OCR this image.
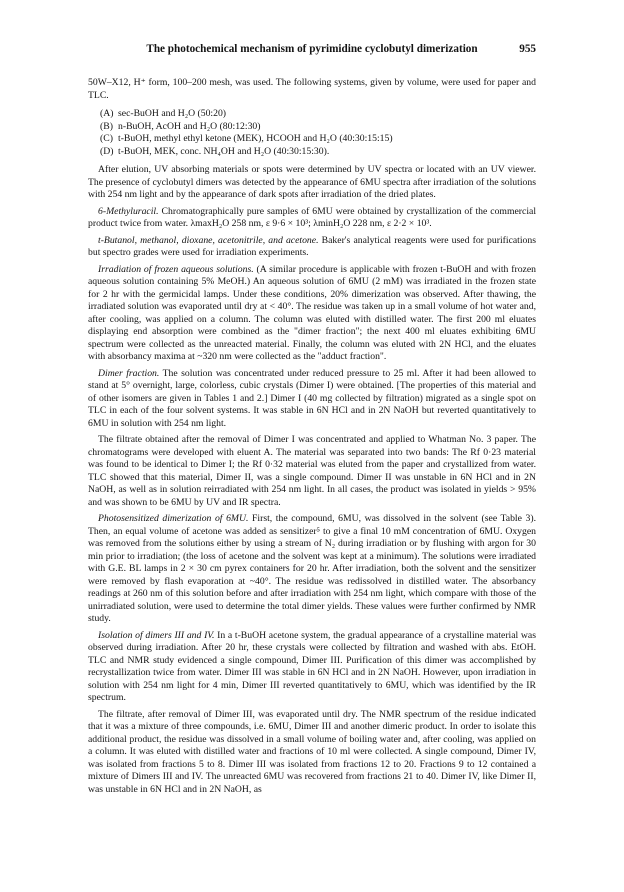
The photochemical mechanism of pyrimidine cyclobutyl dimerization	955

50W–X12, H⁺ form, 100–200 mesh, was used. The following systems, given by volume, were used for paper and TLC.

(A) sec-BuOH and H₂O (50:20)
(B) n-BuOH, AcOH and H₂O (80:12:30)
(C) t-BuOH, methyl ethyl ketone (MEK), HCOOH and H₂O (40:30:15:15)
(D) t-BuOH, MEK, conc. NH₄OH and H₂O (40:30:15:30).

After elution, UV absorbing materials or spots were determined by UV spectra or located with an UV viewer. The presence of cyclobutyl dimers was detected by the appearance of 6MU spectra after irradiation of the solutions with 254 nm light and by the appearance of dark spots after irradiation of the dried plates.

6-Methyluracil. Chromatographically pure samples of 6MU were obtained by crystallization of the commercial product twice from water. λmaxH₂O 258 nm, ε 9·6 × 10³; λminH₂O 228 nm, ε 2·2 × 10³.

t-Butanol, methanol, dioxane, acetonitrile, and acetone. Baker's analytical reagents were used for purifications but spectro grades were used for irradiation experiments.

Irradiation of frozen aqueous solutions. (A similar procedure is applicable with frozen t-BuOH and with frozen aqueous solution containing 5% MeOH.) An aqueous solution of 6MU (2 mM) was irradiated in the frozen state for 2 hr with the germicidal lamps. Under these conditions, 20% dimerization was observed. After thawing, the irradiated solution was evaporated until dry at < 40°. The residue was taken up in a small volume of hot water and, after cooling, was applied on a column. The column was eluted with distilled water. The first 200 ml eluates displaying end absorption were combined as the "dimer fraction"; the next 400 ml eluates exhibiting 6MU spectrum were collected as the unreacted material. Finally, the column was eluted with 2N HCl, and the eluates with absorbancy maxima at ~320 nm were collected as the "adduct fraction".

Dimer fraction. The solution was concentrated under reduced pressure to 25 ml. After it had been allowed to stand at 5° overnight, large, colorless, cubic crystals (Dimer I) were obtained. [The properties of this material and of other isomers are given in Tables 1 and 2.] Dimer I (40 mg collected by filtration) migrated as a single spot on TLC in each of the four solvent systems. It was stable in 6N HCl and in 2N NaOH but reverted quantitatively to 6MU in solution with 254 nm light.

The filtrate obtained after the removal of Dimer I was concentrated and applied to Whatman No. 3 paper. The chromatograms were developed with eluent A. The material was separated into two bands: The Rf 0·23 material was found to be identical to Dimer I; the Rf 0·32 material was eluted from the paper and crystallized from water. TLC showed that this material, Dimer II, was a single compound. Dimer II was unstable in 6N HCl and in 2N NaOH, as well as in solution reirradiated with 254 nm light. In all cases, the product was isolated in yields > 95% and was shown to be 6MU by UV and IR spectra.

Photosensitized dimerization of 6MU. First, the compound, 6MU, was dissolved in the solvent (see Table 3). Then, an equal volume of acetone was added as sensitizer⁵ to give a final 10 mM concentration of 6MU. Oxygen was removed from the solutions either by using a stream of N₂ during irradiation or by flushing with argon for 30 min prior to irradiation; (the loss of acetone and the solvent was kept at a minimum). The solutions were irradiated with G.E. BL lamps in 2 × 30 cm pyrex containers for 20 hr. After irradiation, both the solvent and the sensitizer were removed by flash evaporation at ~40°. The residue was redissolved in distilled water. The absorbancy readings at 260 nm of this solution before and after irradiation with 254 nm light, which compare with those of the unirradiated solution, were used to determine the total dimer yields. These values were further confirmed by NMR study.

Isolation of dimers III and IV. In a t-BuOH acetone system, the gradual appearance of a crystalline material was observed during irradiation. After 20 hr, these crystals were collected by filtration and washed with abs. EtOH. TLC and NMR study evidenced a single compound, Dimer III. Purification of this dimer was accomplished by recrystallization twice from water. Dimer III was stable in 6N HCl and in 2N NaOH. However, upon irradiation in solution with 254 nm light for 4 min, Dimer III reverted quantitatively to 6MU, which was identified by the IR spectrum.

The filtrate, after removal of Dimer III, was evaporated until dry. The NMR spectrum of the residue indicated that it was a mixture of three compounds, i.e. 6MU, Dimer III and another dimeric product. In order to isolate this additional product, the residue was dissolved in a small volume of boiling water and, after cooling, was applied on a column. It was eluted with distilled water and fractions of 10 ml were collected. A single compound, Dimer IV, was isolated from fractions 5 to 8. Dimer III was isolated from fractions 12 to 20. Fractions 9 to 12 contained a mixture of Dimers III and IV. The unreacted 6MU was recovered from fractions 21 to 40. Dimer IV, like Dimer II, was unstable in 6N HCl and in 2N NaOH, as
